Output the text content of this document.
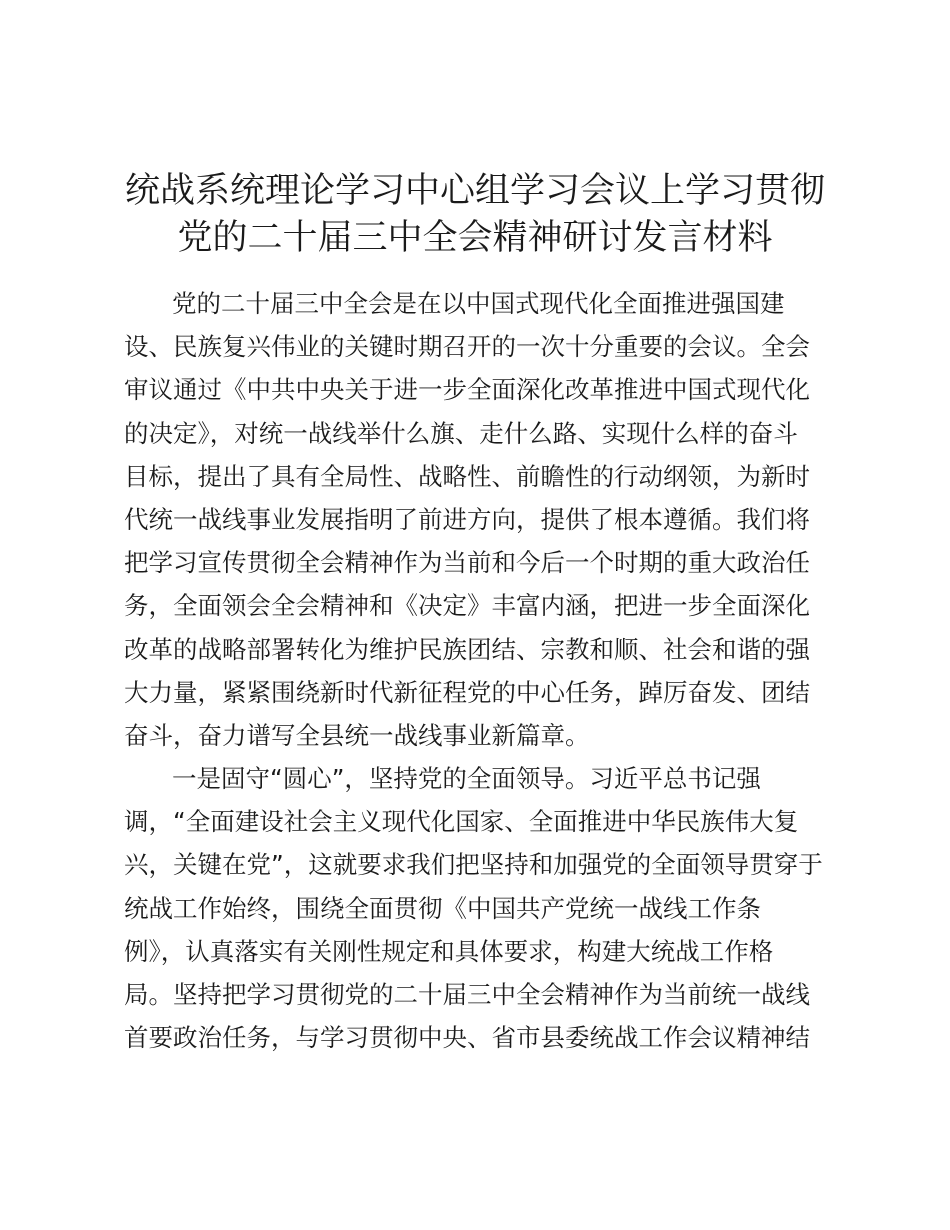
统战系统理论学习中心组学习会议上学习贯彻
党的二十届三中全会精神研讨发言材料
党的二十届三中全会是在以中国式现代化全面推进强国建
设、民族复兴伟业的关键时期召开的一次十分重要的会议。全会
审议通过《中共中央关于进一步全面深化改革推进中国式现代化
的决定》，对统一战线举什么旗、走什么路、实现什么样的奋斗
目标，提出了具有全局性、战略性、前瞻性的行动纲领，为新时
代统一战线事业发展指明了前进方向，提供了根本遵循。我们将
把学习宣传贯彻全会精神作为当前和今后一个时期的重大政治任
务，全面领会全会精神和《决定》丰富内涵，把进一步全面深化
改革的战略部署转化为维护民族团结、宗教和顺、社会和谐的强
大力量，紧紧围绕新时代新征程党的中心任务，踔厉奋发、团结
奋斗，奋力谱写全县统一战线事业新篇章。
一是固守“圆心”，坚持党的全面领导。习近平总书记强
调，“全面建设社会主义现代化国家、全面推进中华民族伟大复
兴，关键在党”，这就要求我们把坚持和加强党的全面领导贯穿于
统战工作始终，围绕全面贯彻《中国共产党统一战线工作条
例》，认真落实有关刚性规定和具体要求，构建大统战工作格
局。坚持把学习贯彻党的二十届三中全会精神作为当前统一战线
首要政治任务，与学习贯彻中央、省市县委统战工作会议精神结
